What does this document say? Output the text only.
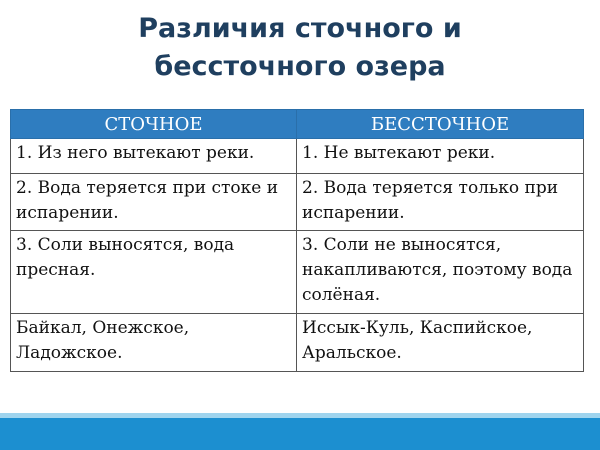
Различия сточного и
бессточного озера
СТОЧНОЕ	БЕССТОЧНОЕ
1. Из него вытекают реки.	1. Не вытекают реки.
2. Вода теряется при стоке и испарении.	2. Вода теряется только при испарении.
3. Соли выносятся, вода пресная.	3. Соли не выносятся, накапливаются, поэтому вода солёная.
Байкал, Онежское, Ладожское.	Иссык-Куль, Каспийское, Аральское.
